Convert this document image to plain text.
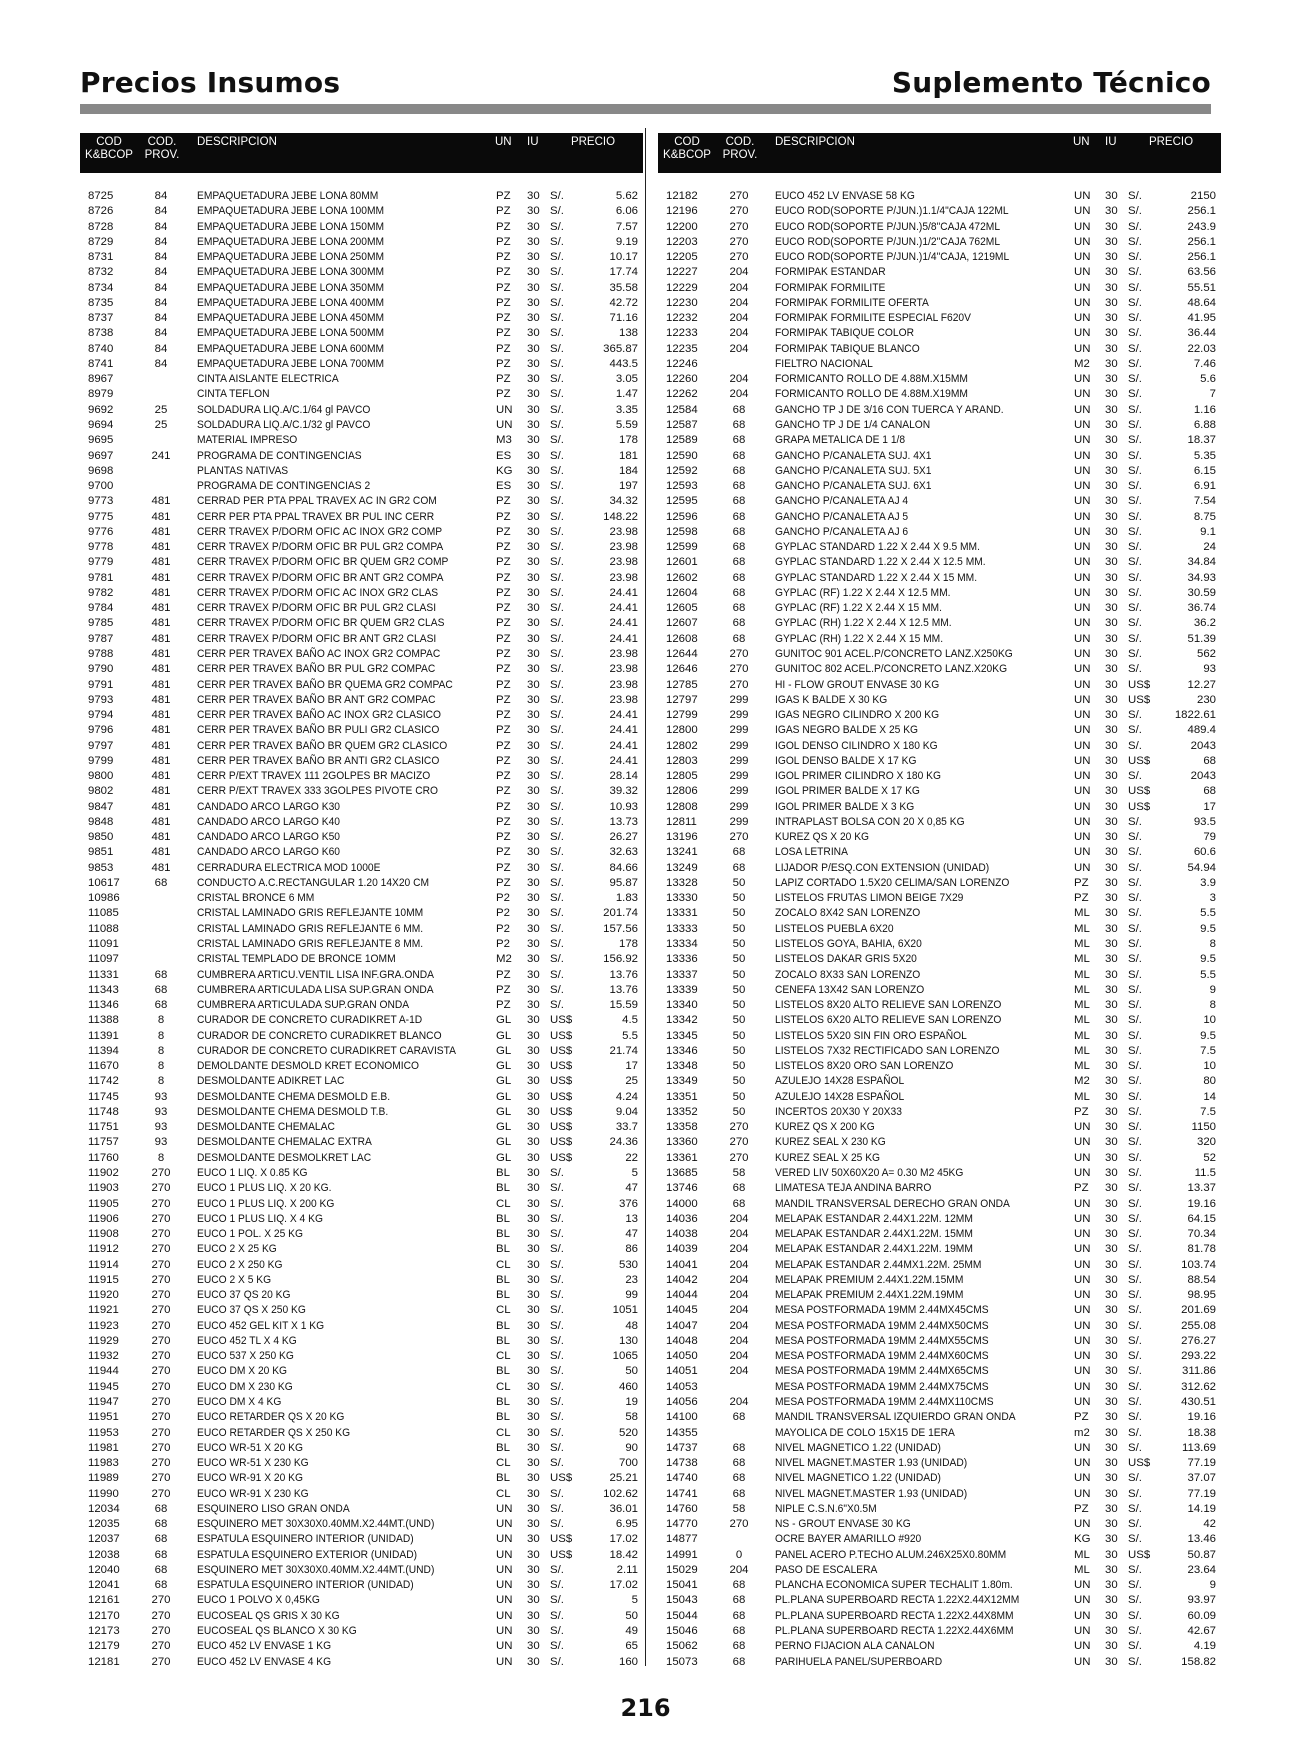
Precios Insumos	Suplemento Técnico
COD
K&BCOP
COD.
PROV.
DESCRIPCION	UN IU	PRECIO
8725	84	EMPAQUETADURA JEBE LONA 80MM	PZ	30 S/.	5.62
8726	84	EMPAQUETADURA JEBE LONA 100MM	PZ	30 S/.	6.06
8728	84	EMPAQUETADURA JEBE LONA 150MM	PZ	30 S/.	7.57
8729	84	EMPAQUETADURA JEBE LONA 200MM	PZ	30 S/.	9.19
8731	84	EMPAQUETADURA JEBE LONA 250MM	PZ	30 S/.	10.17
8732	84	EMPAQUETADURA JEBE LONA 300MM	PZ	30 S/.	17.74
8734	84	EMPAQUETADURA JEBE LONA 350MM	PZ	30 S/.	35.58
8735	84	EMPAQUETADURA JEBE LONA 400MM	PZ	30 S/.	42.72
8737	84	EMPAQUETADURA JEBE LONA 450MM	PZ	30 S/.	71.16
8738	84	EMPAQUETADURA JEBE LONA 500MM	PZ	30 S/.	138
8740	84	EMPAQUETADURA JEBE LONA 600MM	PZ	30 S/.	365.87
8741	84	EMPAQUETADURA JEBE LONA 700MM	PZ	30 S/.	443.5
8967	CINTA AISLANTE ELECTRICA	PZ	30 S/.	3.05
8979	CINTA TEFLON	PZ	30 S/.	1.47
9692	25	SOLDADURA LIQ.A/C.1/64 gl PAVCO	UN	30 S/.	3.35
9694	25	SOLDADURA LIQ.A/C.1/32 gl PAVCO	UN	30 S/.	5.59
9695	MATERIAL IMPRESO	M3	30 S/.	178
9697	241	PROGRAMA DE CONTINGENCIAS	ES	30 S/.	181
9698	PLANTAS NATIVAS	KG	30 S/.	184
9700	PROGRAMA DE CONTINGENCIAS 2	ES	30 S/.	197
9773	481	CERRAD PER PTA PPAL TRAVEX AC IN GR2 COM	PZ	30 S/.	34.32
9775	481	CERR PER PTA PPAL TRAVEX BR PUL INC CERR	PZ	30 S/.	148.22
9776	481	CERR TRAVEX P/DORM OFIC AC INOX GR2 COMP	PZ	30 S/.	23.98
9778	481	CERR TRAVEX P/DORM OFIC BR PUL GR2 COMPA	PZ	30 S/.	23.98
9779	481	CERR TRAVEX P/DORM OFIC BR QUEM GR2 COMP	PZ	30 S/.	23.98
9781	481	CERR TRAVEX P/DORM OFIC BR ANT GR2 COMPA	PZ	30 S/.	23.98
9782	481	CERR TRAVEX P/DORM OFIC AC INOX GR2 CLAS	PZ	30 S/.	24.41
9784	481	CERR TRAVEX P/DORM OFIC BR PUL GR2 CLASI	PZ	30 S/.	24.41
9785	481	CERR TRAVEX P/DORM OFIC BR QUEM GR2 CLAS	PZ	30 S/.	24.41
9787	481	CERR TRAVEX P/DORM OFIC BR ANT GR2 CLASI	PZ	30 S/.	24.41
9788	481	CERR PER TRAVEX BAÑO AC INOX GR2 COMPAC	PZ	30 S/.	23.98
9790	481	CERR PER TRAVEX BAÑO BR PUL GR2 COMPAC	PZ	30 S/.	23.98
9791	481	CERR PER TRAVEX BAÑO BR QUEMA GR2 COMPAC	PZ	30 S/.	23.98
9793	481	CERR PER TRAVEX BAÑO BR ANT GR2 COMPAC	PZ	30 S/.	23.98
9794	481	CERR PER TRAVEX BAÑO AC INOX GR2 CLASICO	PZ	30 S/.	24.41
9796	481	CERR PER TRAVEX BAÑO BR PULI GR2 CLASICO	PZ	30 S/.	24.41
9797	481	CERR PER TRAVEX BAÑO BR QUEM GR2 CLASICO	PZ	30 S/.	24.41
9799	481	CERR PER TRAVEX BAÑO BR ANTI GR2 CLASICO	PZ	30 S/.	24.41
9800	481	CERR P/EXT TRAVEX 111 2GOLPES BR MACIZO	PZ	30 S/.	28.14
9802	481	CERR P/EXT TRAVEX 333 3GOLPES PIVOTE CRO	PZ	30 S/.	39.32
9847	481	CANDADO ARCO LARGO K30	PZ	30 S/.	10.93
9848	481	CANDADO ARCO LARGO K40	PZ	30 S/.	13.73
9850	481	CANDADO ARCO LARGO K50	PZ	30 S/.	26.27
9851	481	CANDADO ARCO LARGO K60	PZ	30 S/.	32.63
9853	481	CERRADURA ELECTRICA MOD 1000E	PZ	30 S/.	84.66
10617	68	CONDUCTO A.C.RECTANGULAR 1.20 14X20 CM	PZ	30 S/.	95.87
10986	CRISTAL BRONCE 6 MM	P2	30 S/.	1.83
11085	CRISTAL LAMINADO GRIS REFLEJANTE 10MM	P2	30 S/.	201.74
11088	CRISTAL LAMINADO GRIS REFLEJANTE 6 MM.	P2	30 S/.	157.56
11091	CRISTAL LAMINADO GRIS REFLEJANTE 8 MM.	P2	30 S/.	178
11097	CRISTAL TEMPLADO DE BRONCE 1OMM	M2	30 S/.	156.92
11331	68	CUMBRERA ARTICU.VENTIL LISA INF.GRA.ONDA	PZ	30 S/.	13.76
11343	68	CUMBRERA ARTICULADA LISA SUP.GRAN ONDA	PZ	30 S/.	13.76
11346	68	CUMBRERA ARTICULADA SUP.GRAN ONDA	PZ	30 S/.	15.59
11388	8	CURADOR DE CONCRETO CURADIKRET A-1D	GL	30 US$	4.5
11391	8	CURADOR DE CONCRETO CURADIKRET BLANCO	GL	30 US$	5.5
11394	8	CURADOR DE CONCRETO CURADIKRET CARAVISTA	GL	30 US$	21.74
11670	8	DEMOLDANTE DESMOLD KRET ECONOMICO	GL	30 US$	17
11742	8	DESMOLDANTE ADIKRET LAC	GL	30 US$	25
11745	93	DESMOLDANTE CHEMA DESMOLD E.B.	GL	30 US$	4.24
11748	93	DESMOLDANTE CHEMA DESMOLD T.B.	GL	30 US$	9.04
11751	93	DESMOLDANTE CHEMALAC	GL	30 US$	33.7
11757	93	DESMOLDANTE CHEMALAC EXTRA	GL	30 US$	24.36
11760	8	DESMOLDANTE DESMOLKRET LAC	GL	30 US$	22
11902	270	EUCO 1 LIQ. X 0.85 KG	BL	30 S/.	5
11903	270	EUCO 1 PLUS LIQ. X 20 KG.	BL	30 S/.	47
11905	270	EUCO 1 PLUS LIQ. X 200 KG	CL	30 S/.	376
11906	270	EUCO 1 PLUS LIQ. X 4 KG	BL	30 S/.	13
11908	270	EUCO 1 POL. X 25 KG	BL	30 S/.	47
11912	270	EUCO 2 X 25 KG	BL	30 S/.	86
11914	270	EUCO 2 X 250 KG	CL	30 S/.	530
11915	270	EUCO 2 X 5 KG	BL	30 S/.	23
11920	270	EUCO 37 QS 20 KG	BL	30 S/.	99
11921	270	EUCO 37 QS X 250 KG	CL	30 S/.	1051
11923	270	EUCO 452 GEL KIT X 1 KG	BL	30 S/.	48
11929	270	EUCO 452 TL X 4 KG	BL	30 S/.	130
11932	270	EUCO 537 X 250 KG	CL	30 S/.	1065
11944	270	EUCO DM X 20 KG	BL	30 S/.	50
11945	270	EUCO DM X 230 KG	CL	30 S/.	460
11947	270	EUCO DM X 4 KG	BL	30 S/.	19
11951	270	EUCO RETARDER QS X 20 KG	BL	30 S/.	58
11953	270	EUCO RETARDER QS X 250 KG	CL	30 S/.	520
11981	270	EUCO WR-51 X 20 KG	BL	30 S/.	90
11983	270	EUCO WR-51 X 230 KG	CL	30 S/.	700
11989	270	EUCO WR-91 X 20 KG	BL	30 US$	25.21
11990	270	EUCO WR-91 X 230 KG	CL	30 S/.	102.62
12034	68	ESQUINERO LISO GRAN ONDA	UN	30 S/.	36.01
12035	68	ESQUINERO MET 30X30X0.40MM.X2.44MT.(UND)	UN	30 S/.	6.95
12037	68	ESPATULA ESQUINERO INTERIOR (UNIDAD)	UN	30 US$	17.02
12038	68	ESPATULA ESQUINERO EXTERIOR (UNIDAD)	UN	30 US$	18.42
12040	68	ESQUINERO MET 30X30X0.40MM.X2.44MT.(UND)	UN	30 S/.	2.11
12041	68	ESPATULA ESQUINERO INTERIOR (UNIDAD)	UN	30 S/.	17.02
12161	270	EUCO 1 POLVO X 0,45KG	UN	30 S/.	5
12170	270	EUCOSEAL QS GRIS X 30 KG	UN	30 S/.	50
12173	270	EUCOSEAL QS BLANCO X 30 KG	UN	30 S/.	49
12179	270	EUCO 452 LV ENVASE 1 KG	UN	30 S/.	65
12181	270	EUCO 452 LV ENVASE 4 KG	UN	30 S/.	160
COD
K&BCOP
COD.
PROV.
DESCRIPCION	UN IU	PRECIO
12182	270	EUCO 452 LV ENVASE 58 KG	UN	30 S/.	2150
12196	270	EUCO ROD(SOPORTE P/JUN.)1.1/4"CAJA 122ML	UN	30 S/.	256.1
12200	270	EUCO ROD(SOPORTE P/JUN.)5/8"CAJA 472ML	UN	30 S/.	243.9
12203	270	EUCO ROD(SOPORTE P/JUN.)1/2"CAJA 762ML	UN	30 S/.	256.1
12205	270	EUCO ROD(SOPORTE P/JUN.)1/4"CAJA, 1219ML	UN	30 S/.	256.1
12227	204	FORMIPAK ESTANDAR	UN	30 S/.	63.56
12229	204	FORMIPAK FORMILITE	UN	30 S/.	55.51
12230	204	FORMIPAK FORMILITE OFERTA	UN	30 S/.	48.64
12232	204	FORMIPAK FORMILITE ESPECIAL F620V	UN	30 S/.	41.95
12233	204	FORMIPAK TABIQUE COLOR	UN	30 S/.	36.44
12235	204	FORMIPAK TABIQUE BLANCO	UN	30 S/.	22.03
12246	FIELTRO NACIONAL	M2	30 S/.	7.46
12260	204	FORMICANTO ROLLO DE 4.88M.X15MM	UN	30 S/.	5.6
12262	204	FORMICANTO ROLLO DE 4.88M.X19MM	UN	30 S/.	7
12584	68	GANCHO TP J DE 3/16 CON TUERCA Y ARAND.	UN	30 S/.	1.16
12587	68	GANCHO TP J DE 1/4 CANALON	UN	30 S/.	6.88
12589	68	GRAPA METALICA DE 1 1/8	UN	30 S/.	18.37
12590	68	GANCHO P/CANALETA SUJ. 4X1	UN	30 S/.	5.35
12592	68	GANCHO P/CANALETA SUJ. 5X1	UN	30 S/.	6.15
12593	68	GANCHO P/CANALETA SUJ. 6X1	UN	30 S/.	6.91
12595	68	GANCHO P/CANALETA AJ 4	UN	30 S/.	7.54
12596	68	GANCHO P/CANALETA AJ 5	UN	30 S/.	8.75
12598	68	GANCHO P/CANALETA AJ 6	UN	30 S/.	9.1
12599	68	GYPLAC STANDARD 1.22 X 2.44 X 9.5 MM.	UN	30 S/.	24
12601	68	GYPLAC STANDARD 1.22 X 2.44 X 12.5 MM.	UN	30 S/.	34.84
12602	68	GYPLAC STANDARD 1.22 X 2.44 X 15 MM.	UN	30 S/.	34.93
12604	68	GYPLAC (RF) 1.22 X 2.44 X 12.5 MM.	UN	30 S/.	30.59
12605	68	GYPLAC (RF) 1.22 X 2.44 X 15 MM.	UN	30 S/.	36.74
12607	68	GYPLAC (RH) 1.22 X 2.44 X 12.5 MM.	UN	30 S/.	36.2
12608	68	GYPLAC (RH) 1.22 X 2.44 X 15 MM.	UN	30 S/.	51.39
12644	270	GUNITOC 901 ACEL.P/CONCRETO LANZ.X250KG	UN	30 S/.	562
12646	270	GUNITOC 802 ACEL.P/CONCRETO LANZ.X20KG	UN	30 S/.	93
12785	270	HI - FLOW GROUT ENVASE 30 KG	UN	30 US$	12.27
12797	299	IGAS K BALDE X 30 KG	UN	30 US$	230
12799	299	IGAS NEGRO CILINDRO X 200 KG	UN	30 S/.	1822.61
12800	299	IGAS NEGRO BALDE X 25 KG	UN	30 S/.	489.4
12802	299	IGOL DENSO CILINDRO X 180 KG	UN	30 S/.	2043
12803	299	IGOL DENSO BALDE X 17 KG	UN	30 US$	68
12805	299	IGOL PRIMER CILINDRO X 180 KG	UN	30 S/.	2043
12806	299	IGOL PRIMER BALDE X 17 KG	UN	30 US$	68
12808	299	IGOL PRIMER BALDE X 3 KG	UN	30 US$	17
12811	299	INTRAPLAST BOLSA CON 20 X 0,85 KG	UN	30 S/.	93.5
13196	270	KUREZ QS X 20 KG	UN	30 S/.	79
13241	68	LOSA LETRINA	UN	30 S/.	60.6
13249	68	LIJADOR P/ESQ.CON EXTENSION (UNIDAD)	UN	30 S/.	54.94
13328	50	LAPIZ CORTADO 1.5X20 CELIMA/SAN LORENZO	PZ	30 S/.	3.9
13330	50	LISTELOS FRUTAS LIMON BEIGE 7X29	PZ	30 S/.	3
13331	50	ZOCALO 8X42 SAN LORENZO	ML	30 S/.	5.5
13333	50	LISTELOS PUEBLA 6X20	ML	30 S/.	9.5
13334	50	LISTELOS GOYA, BAHIA, 6X20	ML	30 S/.	8
13336	50	LISTELOS DAKAR GRIS 5X20	ML	30 S/.	9.5
13337	50	ZOCALO 8X33 SAN LORENZO	ML	30 S/.	5.5
13339	50	CENEFA 13X42 SAN LORENZO	ML	30 S/.	9
13340	50	LISTELOS 8X20 ALTO RELIEVE SAN LORENZO	ML	30 S/.	8
13342	50	LISTELOS 6X20 ALTO RELIEVE SAN LORENZO	ML	30 S/.	10
13345	50	LISTELOS 5X20 SIN FIN ORO ESPAÑOL	ML	30 S/.	9.5
13346	50	LISTELOS 7X32 RECTIFICADO SAN LORENZO	ML	30 S/.	7.5
13348	50	LISTELOS 8X20 ORO SAN LORENZO	ML	30 S/.	10
13349	50	AZULEJO 14X28 ESPAÑOL	M2	30 S/.	80
13351	50	AZULEJO 14X28 ESPAÑOL	ML	30 S/.	14
13352	50	INCERTOS 20X30 Y 20X33	PZ	30 S/.	7.5
13358	270	KUREZ QS X 200 KG	UN	30 S/.	1150
13360	270	KUREZ SEAL X 230 KG	UN	30 S/.	320
13361	270	KUREZ SEAL X 25 KG	UN	30 S/.	52
13685	58	VERED LIV 50X60X20 A= 0.30 M2 45KG	UN	30 S/.	11.5
13746	68	LIMATESA TEJA ANDINA BARRO	PZ	30 S/.	13.37
14000	68	MANDIL TRANSVERSAL DERECHO GRAN ONDA	UN	30 S/.	19.16
14036	204	MELAPAK ESTANDAR 2.44X1.22M. 12MM	UN	30 S/.	64.15
14038	204	MELAPAK ESTANDAR 2.44X1.22M. 15MM	UN	30 S/.	70.34
14039	204	MELAPAK ESTANDAR 2.44X1.22M. 19MM	UN	30 S/.	81.78
14041	204	MELAPAK ESTANDAR 2.44MX1.22M. 25MM	UN	30 S/.	103.74
14042	204	MELAPAK PREMIUM 2.44X1.22M.15MM	UN	30 S/.	88.54
14044	204	MELAPAK PREMIUM 2.44X1.22M.19MM	UN	30 S/.	98.95
14045	204	MESA POSTFORMADA 19MM 2.44MX45CMS	UN	30 S/.	201.69
14047	204	MESA POSTFORMADA 19MM 2.44MX50CMS	UN	30 S/.	255.08
14048	204	MESA POSTFORMADA 19MM 2.44MX55CMS	UN	30 S/.	276.27
14050	204	MESA POSTFORMADA 19MM 2.44MX60CMS	UN	30 S/.	293.22
14051	204	MESA POSTFORMADA 19MM 2.44MX65CMS	UN	30 S/.	311.86
14053	MESA POSTFORMADA 19MM 2.44MX75CMS	UN	30 S/.	312.62
14056	204	MESA POSTFORMADA 19MM 2.44MX110CMS	UN	30 S/.	430.51
14100	68	MANDIL TRANSVERSAL IZQUIERDO GRAN ONDA	PZ	30 S/.	19.16
14355	MAYOLICA DE COLO 15X15 DE 1ERA	m2	30 S/.	18.38
14737	68	NIVEL MAGNETICO 1.22 (UNIDAD)	UN	30 S/.	113.69
14738	68	NIVEL MAGNET.MASTER 1.93 (UNIDAD)	UN	30 US$	77.19
14740	68	NIVEL MAGNETICO 1.22 (UNIDAD)	UN	30 S/.	37.07
14741	68	NIVEL MAGNET.MASTER 1.93 (UNIDAD)	UN	30 S/.	77.19
14760	58	NIPLE C.S.N.6"X0.5M	PZ	30 S/.	14.19
14770	270	NS - GROUT ENVASE 30 KG	UN	30 S/.	42
14877	OCRE BAYER AMARILLO #920	KG	30 S/.	13.46
14991	0	PANEL ACERO P.TECHO ALUM.246X25X0.80MM	ML	30 US$	50.87
15029	204	PASO DE ESCALERA	ML	30 S/.	23.64
15041	68	PLANCHA ECONOMICA SUPER TECHALIT 1.80m.	UN	30 S/.	9
15043	68	PL.PLANA SUPERBOARD RECTA 1.22X2.44X12MM	UN	30 S/.	93.97
15044	68	PL.PLANA SUPERBOARD RECTA 1.22X2.44X8MM	UN	30 S/.	60.09
15046	68	PL.PLANA SUPERBOARD RECTA 1.22X2.44X6MM	UN	30 S/.	42.67
15062	68	PERNO FIJACION ALA CANALON	UN	30 S/.	4.19
15073	68	PARIHUELA PANEL/SUPERBOARD	UN	30 S/.	158.82
216
